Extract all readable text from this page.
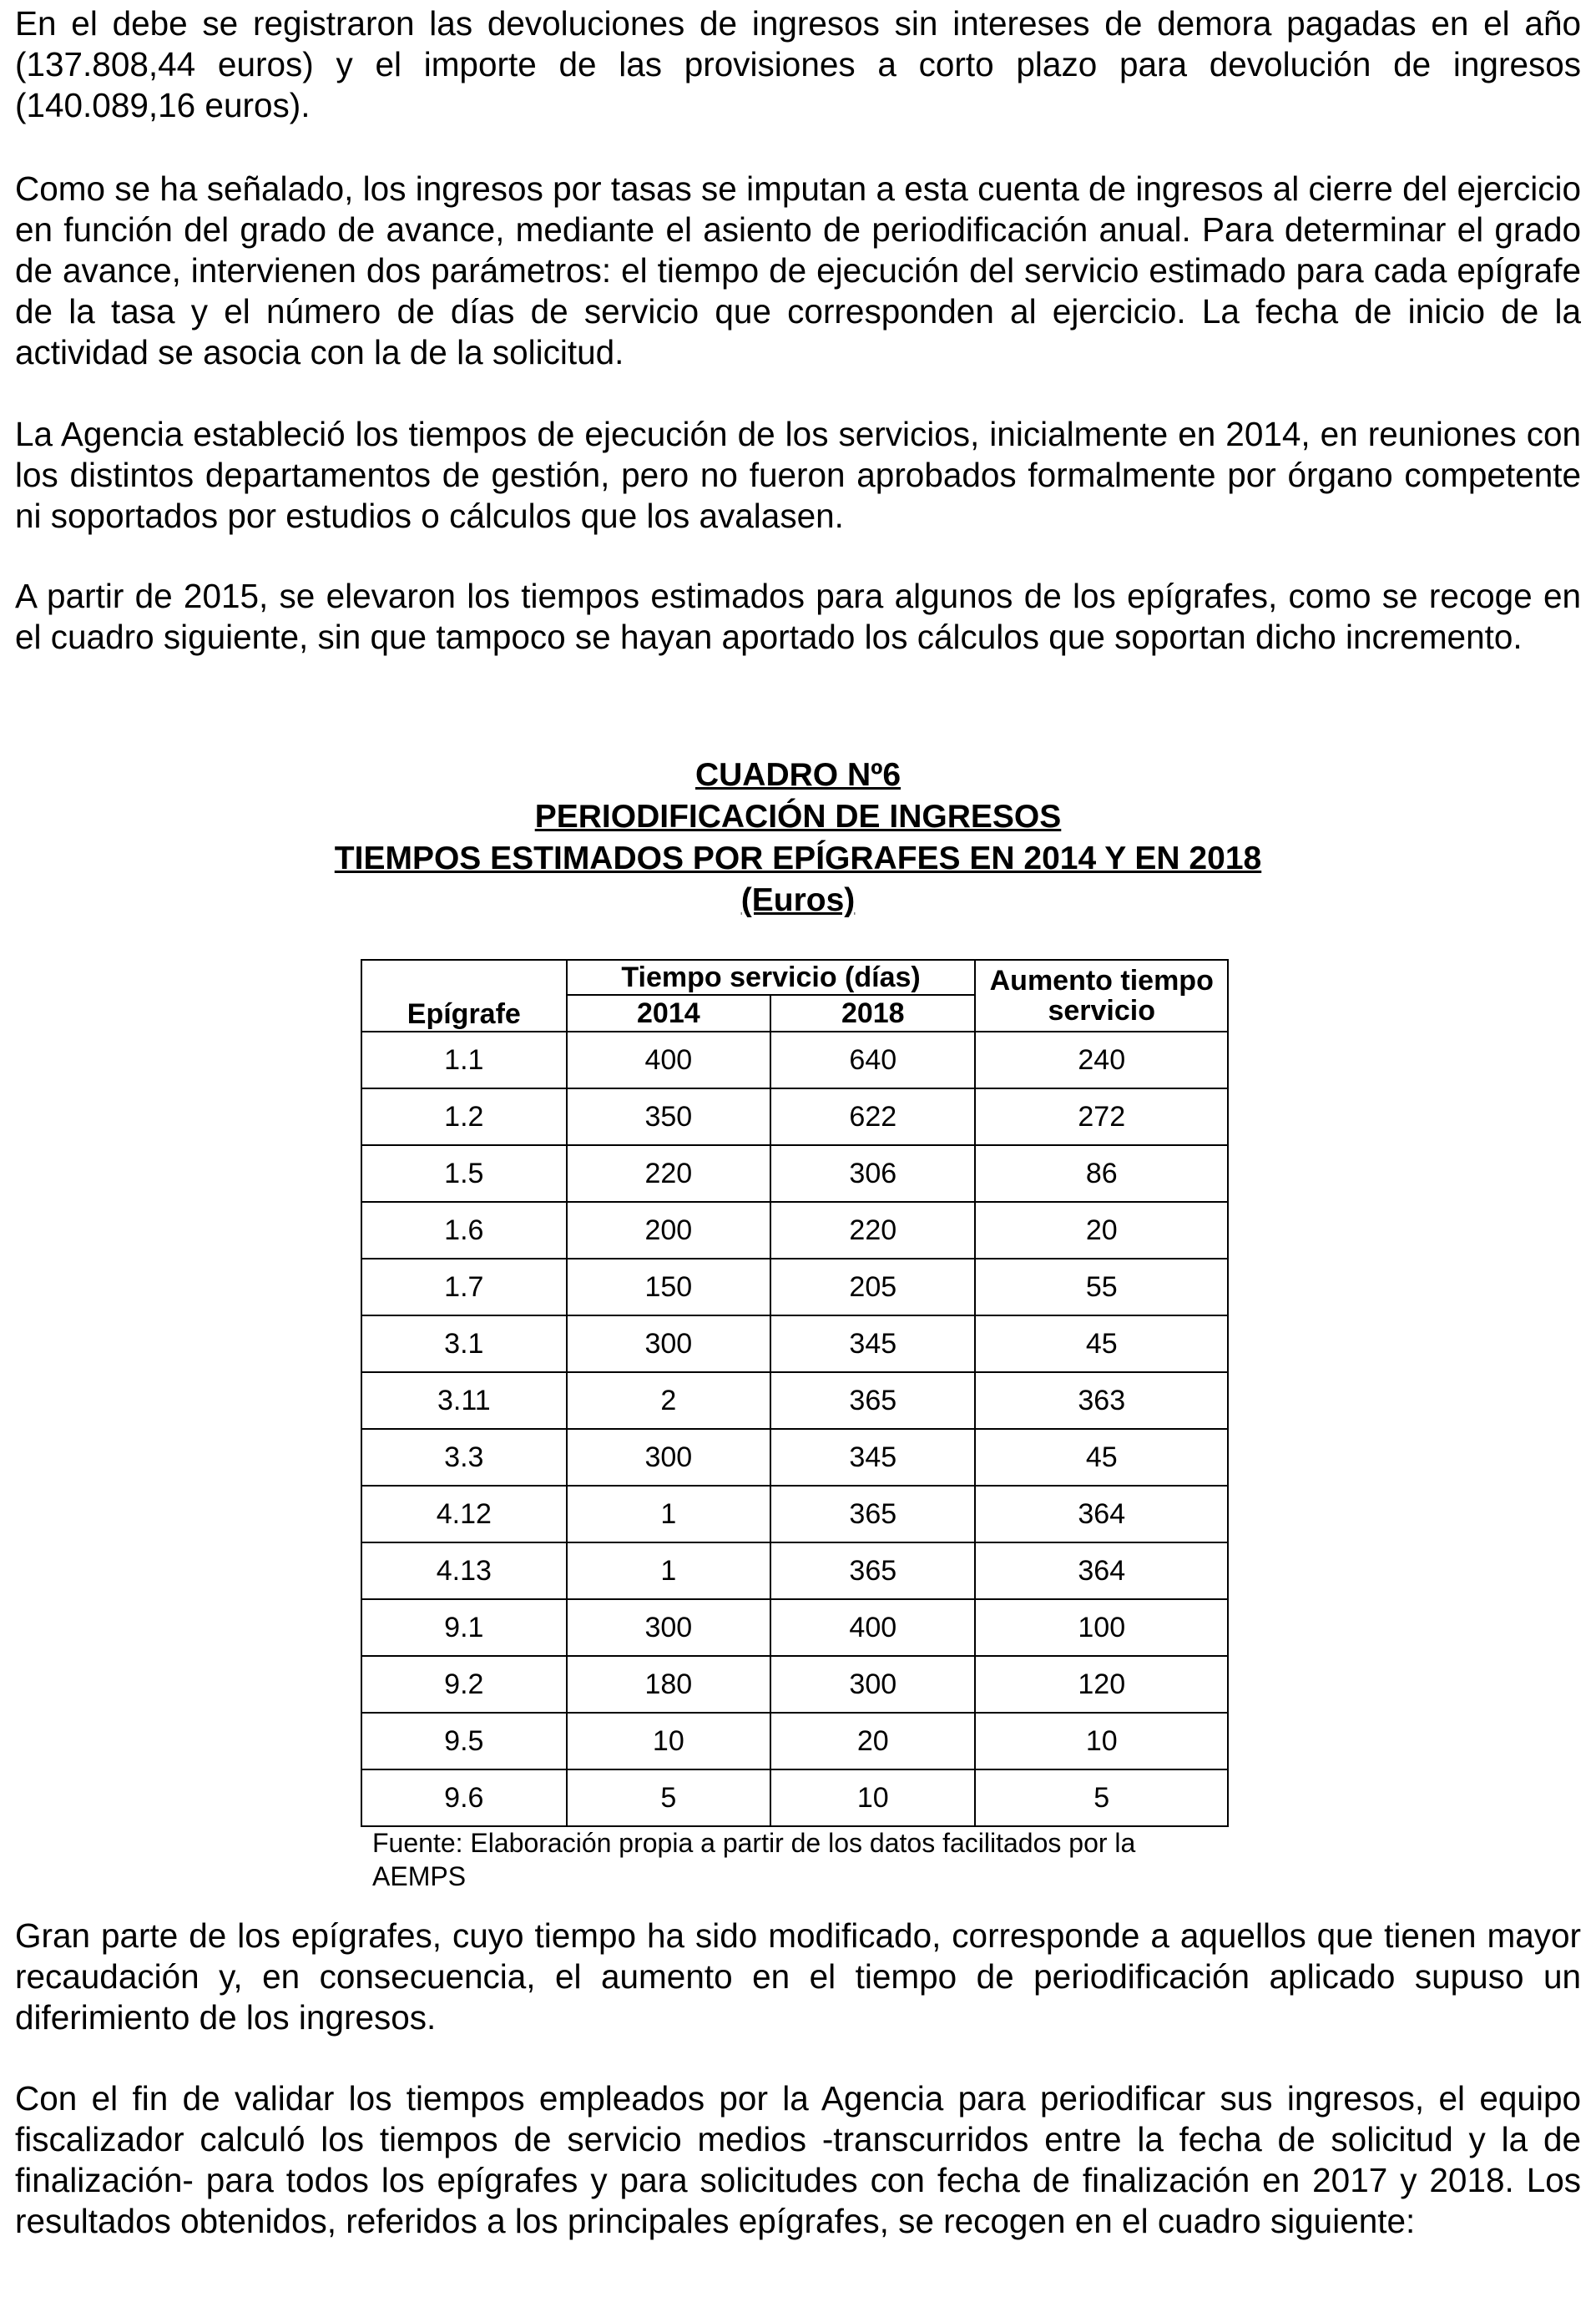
En el debe se registraron las devoluciones de ingresos sin intereses de demora pagadas en el año (137.808,44 euros) y el importe de las provisiones a corto plazo para devolución de ingresos (140.089,16 euros).

Como se ha señalado, los ingresos por tasas se imputan a esta cuenta de ingresos al cierre del ejercicio en función del grado de avance, mediante el asiento de periodificación anual. Para determinar el grado de avance, intervienen dos parámetros: el tiempo de ejecución del servicio estimado para cada epígrafe de la tasa y el número de días de servicio que corresponden al ejercicio. La fecha de inicio de la actividad se asocia con la de la solicitud.

La Agencia estableció los tiempos de ejecución de los servicios, inicialmente en 2014, en reuniones con los distintos departamentos de gestión, pero no fueron aprobados formalmente por órgano competente ni soportados por estudios o cálculos que los avalasen.

A partir de 2015, se elevaron los tiempos estimados para algunos de los epígrafes, como se recoge en el cuadro siguiente, sin que tampoco se hayan aportado los cálculos que soportan dicho incremento.

CUADRO Nº6
PERIODIFICACIÓN DE INGRESOS
TIEMPOS ESTIMADOS POR EPÍGRAFES EN 2014 Y EN 2018
(Euros)
Epígrafe	Tiempo servicio (días)		Aumento tiempo servicio
	2014	2018	
1.1	400	640	240
1.2	350	622	272
1.5	220	306	86
1.6	200	220	20
1.7	150	205	55
3.1	300	345	45
3.11	2	365	363
3.3	300	345	45
4.12	1	365	364
4.13	1	365	364
9.1	300	400	100
9.2	180	300	120
9.5	10	20	10
9.6	5	10	5
Fuente: Elaboración propia a partir de los datos facilitados por la AEMPS

Gran parte de los epígrafes, cuyo tiempo ha sido modificado, corresponde a aquellos que tienen mayor recaudación y, en consecuencia, el aumento en el tiempo de periodificación aplicado supuso un diferimiento de los ingresos.

Con el fin de validar los tiempos empleados por la Agencia para periodificar sus ingresos, el equipo fiscalizador calculó los tiempos de servicio medios -transcurridos entre la fecha de solicitud y la de finalización- para todos los epígrafes y para solicitudes con fecha de finalización en 2017 y 2018. Los resultados obtenidos, referidos a los principales epígrafes, se recogen en el cuadro siguiente:
